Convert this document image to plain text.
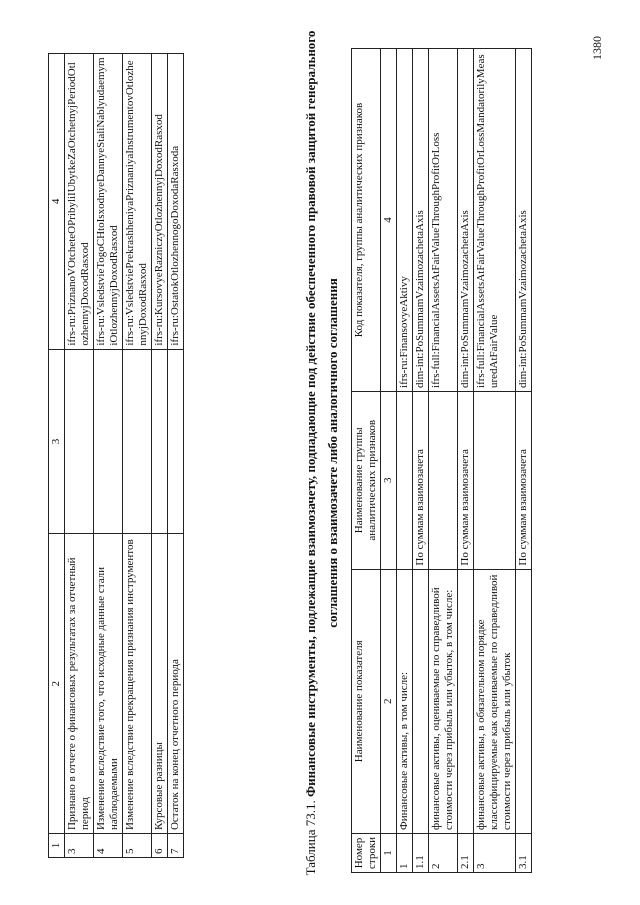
1380
1	2	3	4
3	Признано в отчете о финансовых результатах за отчетный период		ifrs-ru:PriznanoVOtcheteOPribyliIUbytkeZaOtchetnyjPeriodOtlozhennyjDoxodRasxod
4	Изменение вследствие того, что исходные данные стали наблюдаемыми		ifrs-ru:VsledstvieTogoCHtoIsxodnyeDannyeStaliNablyudaemymiOtlozhennyjDoxodRasxod
5	Изменение вследствие прекращения признания инструментов		ifrs-ru:VsledstviePrekrashheniyaPriznaniyaInstrumentovOtlozhennyjDoxodRasxod
6	Курсовые разницы		ifrs-ru:KursovyeRazniczyOtlozhennyjDoxodRasxod
7	Остаток на конец отчетного периода		ifrs-ru:OstatokOtlozhennogoDoxodaRasxoda
Таблица 73.1. Финансовые инструменты, подлежащие взаимозачету, подпадающие под действие обеспеченного правовой защитой генерального соглашения о взаимозачете либо аналогичного соглашения
Номер строки	Наименование показателя	Наименование группы аналитических признаков	Код показателя, группы аналитических признаков
1	2	3	4
1	Финансовые активы, в том числе:		ifrs-ru:FinansovyeAktivy
1.1		По суммам взаимозачета	dim-int:PoSummamVzaimozachetaAxis
2	финансовые активы, оцениваемые по справедливой стоимости через прибыль или убыток, в том числе:		ifrs-full:FinancialAssetsAtFairValueThroughProfitOrLoss
2.1		По суммам взаимозачета	dim-int:PoSummamVzaimozachetaAxis
3	финансовые активы, в обязательном порядке классифицируемые как оцениваемые по справедливой стоимости через прибыль или убыток		ifrs-full:FinancialAssetsAtFairValueThroughProfitOrLossMandatorilyMeasuredAtFairValue
3.1		По суммам взаимозачета	dim-int:PoSummamVzaimozachetaAxis
